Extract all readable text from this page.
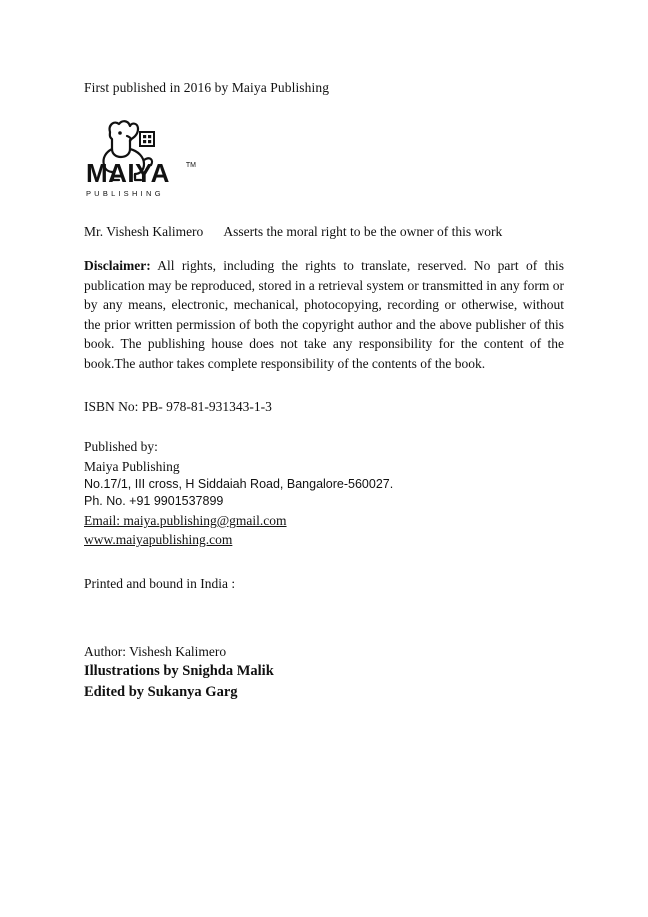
First published in 2016 by Maiya Publishing

MAIYA	TM
P U B L I S H I N G

Mr. Vishesh Kalimero Asserts the moral right to be the owner of this work

Disclaimer: All rights, including the rights to translate, reserved. No part of this publication may be reproduced, stored in a retrieval system or transmitted in any form or by any means, electronic, mechanical, photocopying, recording or otherwise, without the prior written permission of both the copyright author and the above publisher of this book. The publishing house does not take any responsibility for the content of the book.The author takes complete responsibility of the contents of the book.

ISBN No: PB- 978-81-931343-1-3

Published by:
Maiya Publishing
No.17/1, III cross, H Siddaiah Road, Bangalore-560027.
Ph. No. +91 9901537899
Email: maiya.publishing@gmail.com
www.maiyapublishing.com

Printed and bound in India :

Author: Vishesh Kalimero
Illustrations by Snighda Malik
Edited by Sukanya Garg
